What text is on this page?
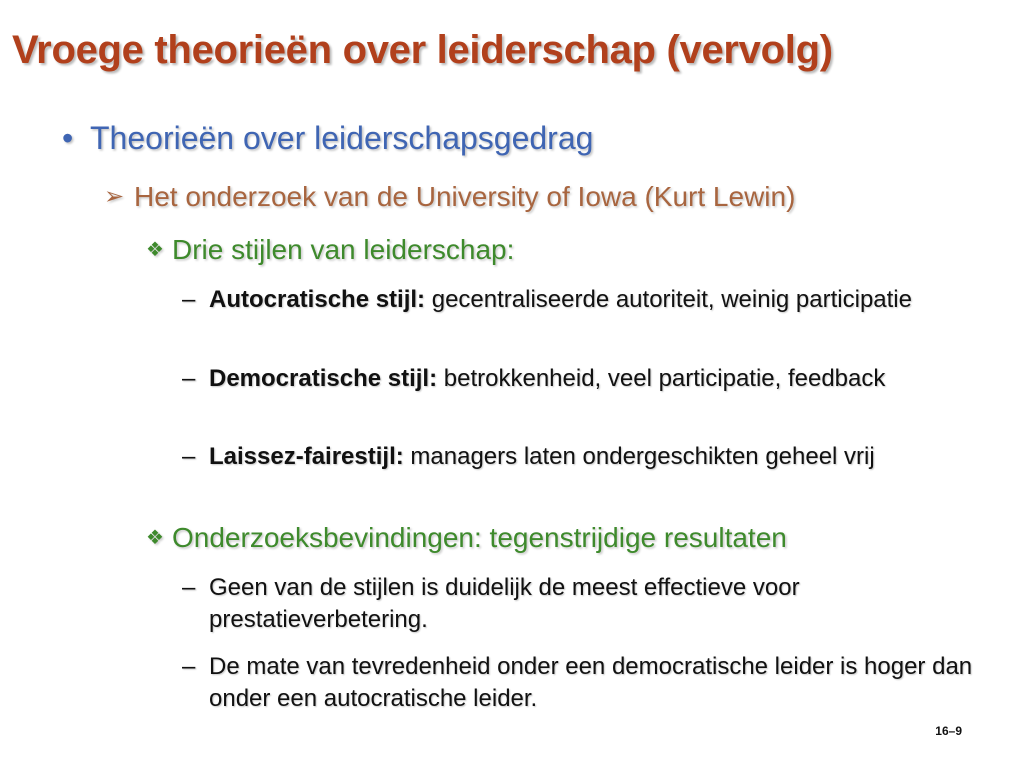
Vroege theorieën over leiderschap (vervolg)
• Theorieën over leiderschapsgedrag
➢ Het onderzoek van de University of Iowa (Kurt Lewin)
❖ Drie stijlen van leiderschap:
– Autocratische stijl: gecentraliseerde autoriteit, weinig participatie
– Democratische stijl: betrokkenheid, veel participatie, feedback
– Laissez-fairestijl: managers laten ondergeschikten geheel vrij
❖ Onderzoeksbevindingen: tegenstrijdige resultaten
– Geen van de stijlen is duidelijk de meest effectieve voor prestatieverbetering.
– De mate van tevredenheid onder een democratische leider is hoger dan onder een autocratische leider.
16–9
